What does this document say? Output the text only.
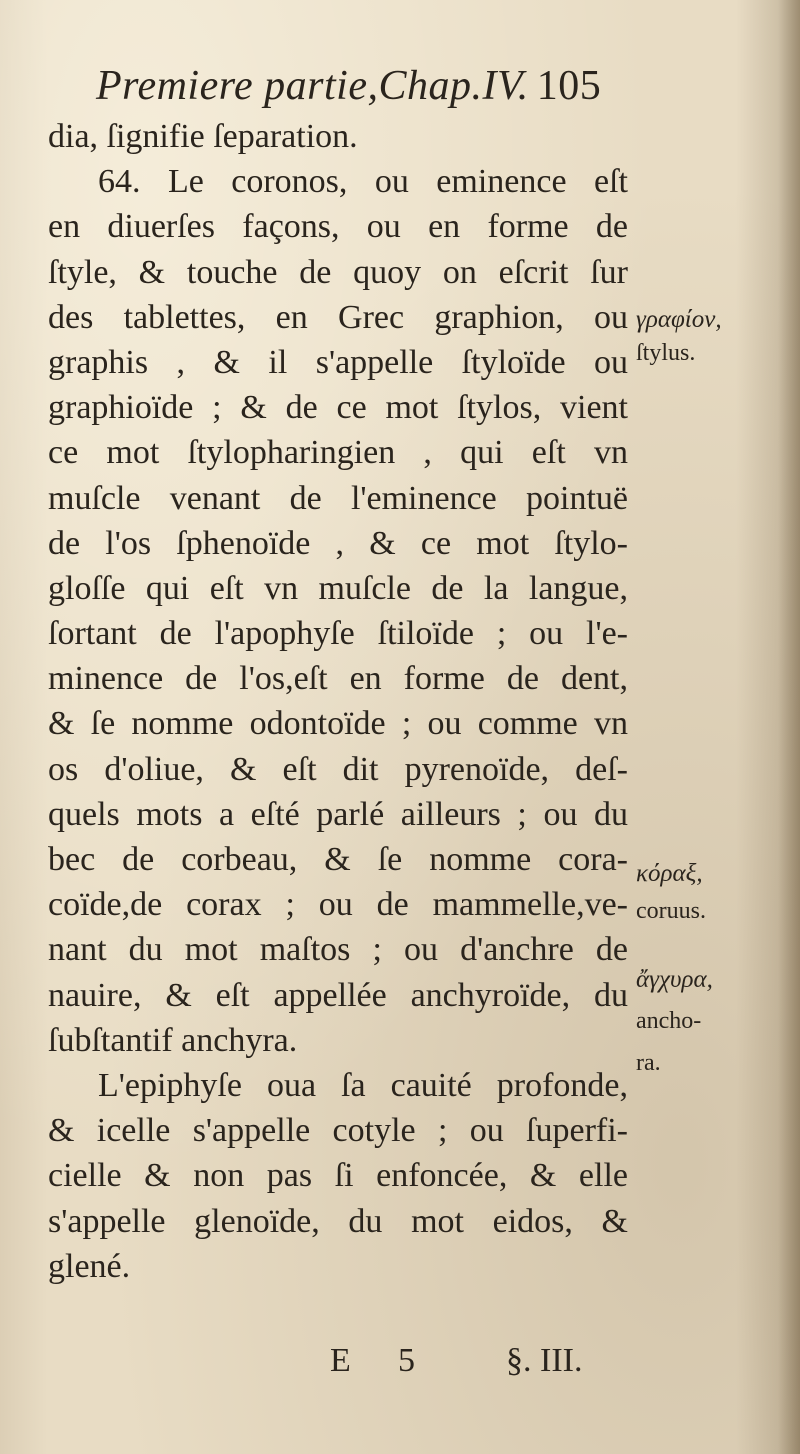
Premiere partie,Chap.IV. 105
dia, ſignifie ſeparation.
64. Le coronos, ou eminence eſt
en diuerſes façons, ou en forme de
ſtyle, & touche de quoy on eſcrit ſur
des tablettes, en Grec graphion, ou
graphis , & il s'appelle ſtyloïde ou
graphioïde ; & de ce mot ſtylos, vient
ce mot ſtylopharingien , qui eſt vn
muſcle venant de l'eminence pointuë
de l'os ſphenoïde , & ce mot ſtylo-
gloſſe qui eſt vn muſcle de la langue,
ſortant de l'apophyſe ſtiloïde ; ou l'e-
minence de l'os,eſt en forme de dent,
& ſe nomme odontoïde ; ou comme vn
os d'oliue, & eſt dit pyrenoïde, deſ-
quels mots a eſté parlé ailleurs ; ou du
bec de corbeau, & ſe nomme cora-
coïde,de corax ; ou de mammelle,ve-
nant du mot maſtos ; ou d'anchre de
nauire, & eſt appellée anchyroïde, du
ſubſtantif anchyra.
L'epiphyſe oua ſa cauité profonde,
& icelle s'appelle cotyle ; ou ſuperfi-
cielle & non pas ſi enfoncée, & elle
s'appelle glenoïde, du mot eidos, &
glené.
γραφίον,
ſtylus.
κόραξ,
coruus.
ἄγχυρα,
ancho-
ra.
E 5	§. III.
